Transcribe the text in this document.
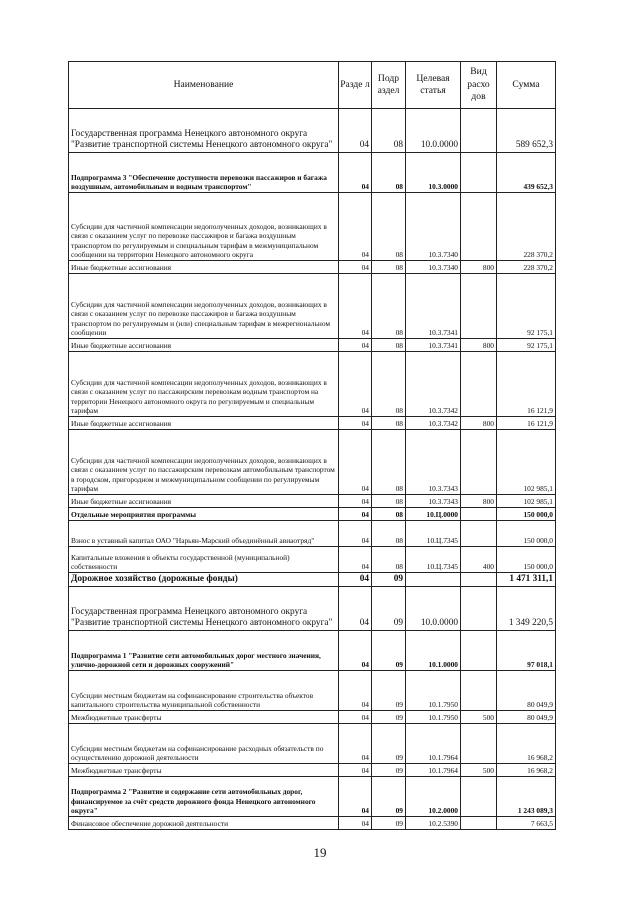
Наименование	Разде л	Подр аздел	Целевая статья	Вид расхо дов	Сумма
Государственная программа Ненецкого автономного округа "Развитие транспортной системы Ненецкого автономного округа"	04	08	10.0.0000		589 652,3
Подпрограмма 3 "Обеспечение доступности перевозки пассажиров и багажа воздушным, автомобильным и водным транспортом"	04	08	10.3.0000		439 652,3
Субсидии для частичной компенсации недополученных доходов, возникающих в связи с оказанием услуг по перевозке пассажиров и багажа воздушным транспортом по регулируемым и специальным тарифам в межмуниципальном сообщении на территории Ненецкого автономного округа	04	08	10.3.7340		228 370,2
Иные бюджетные ассигнования	04	08	10.3.7340	800	228 370,2
Субсидии для частичной компенсации недополученных доходов, возникающих в связи с оказанием услуг по перевозке пассажиров и багажа воздушным транспортом по регулируемым и (или) специальным тарифам в межрегиональном сообщении	04	08	10.3.7341		92 175,1
Иные бюджетные ассигнования	04	08	10.3.7341	800	92 175,1
Субсидии для частичной компенсации недополученных доходов, возникающих в связи с оказанием услуг по пассажирским перевозкам водным транспортом на территории Ненецкого автономного округа по регулируемым и специальным тарифам	04	08	10.3.7342		16 121,9
Иные бюджетные ассигнования	04	08	10.3.7342	800	16 121,9
Субсидии для частичной компенсации недополученных доходов, возникающих в связи с оказанием услуг по пассажирским перевозкам автомобильным транспортом в городском, пригородном и межмуниципальном сообщении по регулируемым тарифам	04	08	10.3.7343		102 985,1
Иные бюджетные ассигнования	04	08	10.3.7343	800	102 985,1
Отдельные мероприятия программы	04	08	10.Ц.0000		150 000,0
Взнос в уставный капитал ОАО "Нарьян-Марский объединённый авиаотряд"	04	08	10.Ц.7345		150 000,0
Капитальные вложения в объекты государственной (муниципальной) собственности	04	08	10.Ц.7345	400	150 000,0
Дорожное хозяйство (дорожные фонды)	04	09			1 471 311,1
Государственная программа Ненецкого автономного округа "Развитие транспортной системы Ненецкого автономного округа"	04	09	10.0.0000		1 349 220,5
Подпрограмма 1 "Развитие сети автомобильных дорог местного значения, улично-дорожной сети и дорожных сооружений"	04	09	10.1.0000		97 018,1
Субсидии местным бюджетам на софинансирование строительства объектов капитального строительства муниципальной собственности	04	09	10.1.7950		80 049,9
Межбюджетные трансферты	04	09	10.1.7950	500	80 049,9
Субсидии местным бюджетам на софинансирование расходных обязательств по осуществлению дорожной деятельности	04	09	10.1.7964		16 968,2
Межбюджетные трансферты	04	09	10.1.7964	500	16 968,2
Подпрограмма 2 "Развитие и содержание сети автомобильных дорог, финансируемое за счёт средств дорожного фонда Ненецкого автономного округа"	04	09	10.2.0000		1 243 089,3
Финансовое обеспечение дорожной деятельности	04	09	10.2.5390		7 663,5
19
